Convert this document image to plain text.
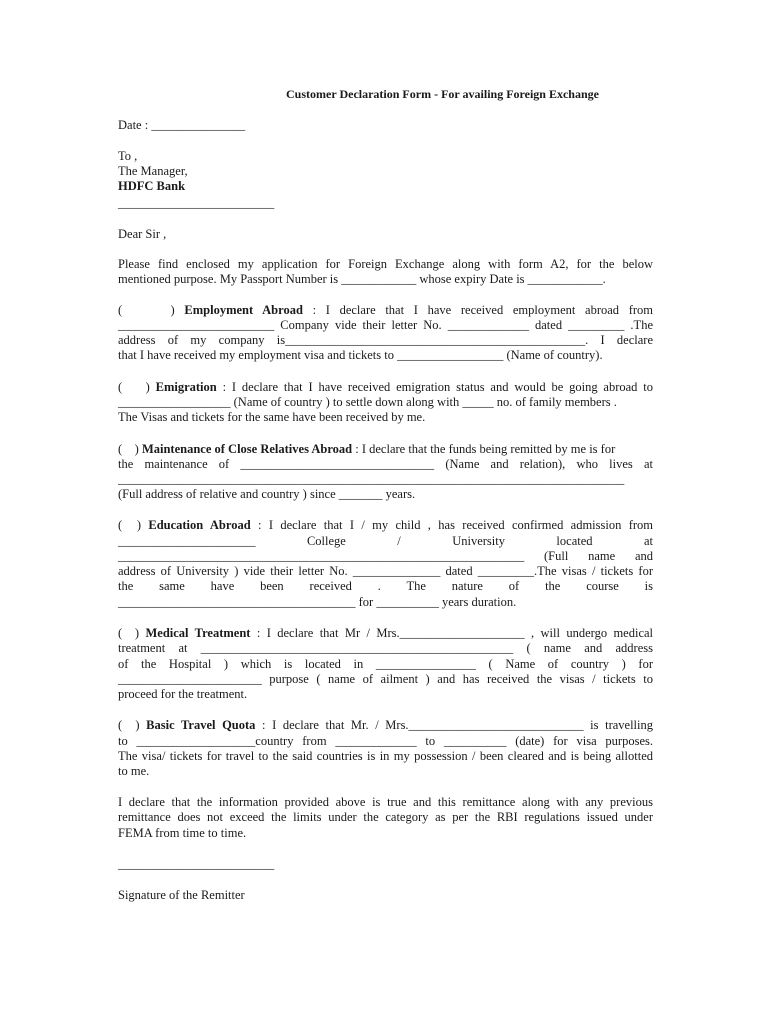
Customer Declaration Form - For availing Foreign Exchange
Date : _______________
To ,
The Manager,
HDFC Bank
_________________________
Dear Sir ,
Please find enclosed my application for Foreign Exchange along with form A2, for the below
mentioned purpose. My Passport Number is ____________ whose expiry Date is ____________.
(     ) Employment Abroad : I declare that I have received employment abroad from
_________________________ Company vide their letter No. _____________ dated _________ .The
address of my company is________________________________________________. I declare
that I have received my employment visa and tickets to _________________ (Name of country).
(    ) Emigration : I declare that I have received emigration status and would be going abroad to
__________________ (Name of country ) to settle down along with _____ no. of family members .
The Visas and tickets for the same have been received by me.
(    ) Maintenance of Close Relatives Abroad : I declare that the funds being remitted by me is for
the maintenance of _______________________________ (Name and relation), who lives at
_________________________________________________________________________________
(Full address of relative and country ) since _______ years.
(  ) Education Abroad : I declare that I / my child , has received confirmed admission from
______________________ College / University located at
_________________________________________________________________ (Full name and
address of University ) vide their letter No. ______________ dated _________.The visas / tickets for
the same have been received . The nature of the course is
______________________________________ for __________ years duration.
(  ) Medical Treatment : I declare that Mr / Mrs.____________________ , will undergo medical
treatment at __________________________________________________ ( name and address
of the Hospital ) which is located in ________________ ( Name of country ) for
_______________________ purpose ( name of ailment ) and has received the visas / tickets to
proceed for the treatment.
(  ) Basic Travel Quota : I declare that Mr. / Mrs.____________________________ is travelling
to ___________________country from _____________ to __________ (date) for visa purposes.
The visa/ tickets for travel to the said countries is in my possession / been cleared and is being allotted
to me.
I declare that the information provided above is true and this remittance along with any previous
remittance does not exceed the limits under the category as per the RBI regulations issued under
FEMA from time to time.
_________________________
Signature of the Remitter
